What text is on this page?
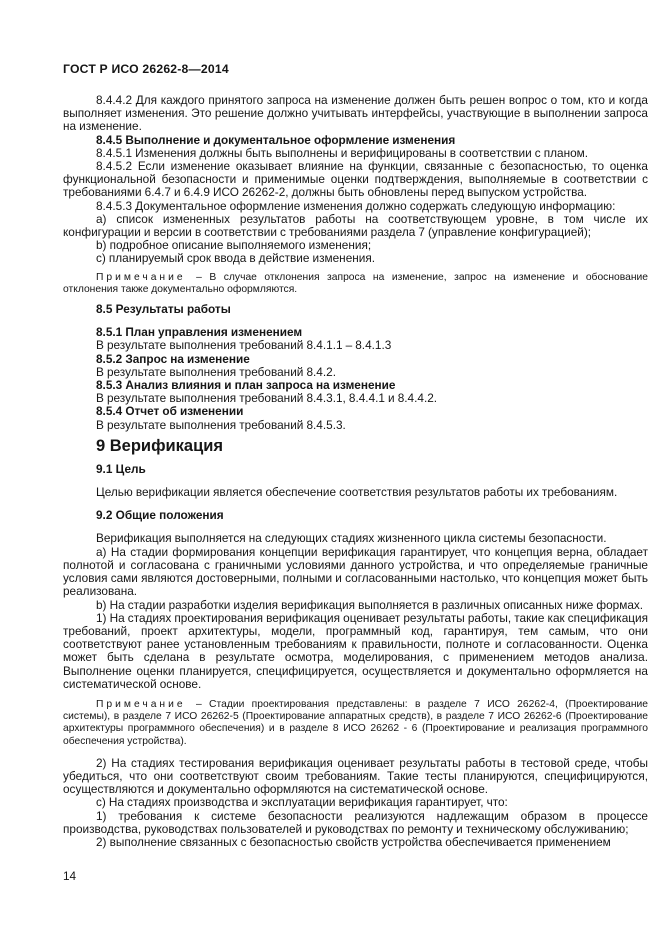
ГОСТ Р ИСО 26262-8—2014

8.4.4.2 Для каждого принятого запроса на изменение должен быть решен вопрос о том, кто и когда выполняет изменения. Это решение должно учитывать интерфейсы, участвующие в выполнении запроса на изменение.

8.4.5 Выполнение и документальное оформление изменения

8.4.5.1 Изменения должны быть выполнены и верифицированы в соответствии с планом.

8.4.5.2 Если изменение оказывает влияние на функции, связанные с безопасностью, то оценка функциональной безопасности и применимые оценки подтверждения, выполняемые в соответствии с требованиями 6.4.7 и 6.4.9 ИСО 26262-2, должны быть обновлены перед выпуском устройства.

8.4.5.3 Документальное оформление изменения должно содержать следующую информацию:

a) список измененных результатов работы на соответствующем уровне, в том числе их конфигурации и версии в соответствии с требованиями раздела 7 (управление конфигурацией);

b) подробное описание выполняемого изменения;

c) планируемый срок ввода в действие изменения.

Примечание – В случае отклонения запроса на изменение, запрос на изменение и обоснование отклонения также документально оформляются.

8.5 Результаты работы

8.5.1 План управления изменением

В результате выполнения требований 8.4.1.1 – 8.4.1.3

8.5.2 Запрос на изменение

В результате выполнения требований 8.4.2.

8.5.3 Анализ влияния и план запроса на изменение

В результате выполнения требований 8.4.3.1, 8.4.4.1 и 8.4.4.2.

8.5.4 Отчет об изменении

В результате выполнения требований 8.4.5.3.

9 Верификация

9.1 Цель

Целью верификации является обеспечение соответствия результатов работы их требованиям.

9.2 Общие положения

Верификация выполняется на следующих стадиях жизненного цикла системы безопасности.

а) На стадии формирования концепции верификация гарантирует, что концепция верна, обладает полнотой и согласована с граничными условиями данного устройства, и что определяемые граничные условия сами являются достоверными, полными и согласованными настолько, что концепция может быть реализована.

b) На стадии разработки изделия верификация выполняется в различных описанных ниже формах.

1) На стадиях проектирования верификация оценивает результаты работы, такие как спецификация требований, проект архитектуры, модели, программный код, гарантируя, тем самым, что они соответствуют ранее установленным требованиям к правильности, полноте и согласованности. Оценка может быть сделана в результате осмотра, моделирования, с применением методов анализа. Выполнение оценки планируется, специфицируется, осуществляется и документально оформляется на систематической основе.

Примечание – Стадии проектирования представлены: в разделе 7 ИСО 26262-4, (Проектирование системы), в разделе 7 ИСО 26262-5 (Проектирование аппаратных средств), в разделе 7 ИСО 26262-6 (Проектирование архитектуры программного обеспечения) и в разделе 8 ИСО 26262 - 6 (Проектирование и реализация программного обеспечения устройства).

2) На стадиях тестирования верификация оценивает результаты работы в тестовой среде, чтобы убедиться, что они соответствуют своим требованиям. Такие тесты планируются, специфицируются, осуществляются и документально оформляются на систематической основе.

с) На стадиях производства и эксплуатации верификация гарантирует, что:

1) требования к системе безопасности реализуются надлежащим образом в процессе производства, руководствах пользователей и руководствах по ремонту и техническому обслуживанию;

2) выполнение связанных с безопасностью свойств устройства обеспечивается применением

14
